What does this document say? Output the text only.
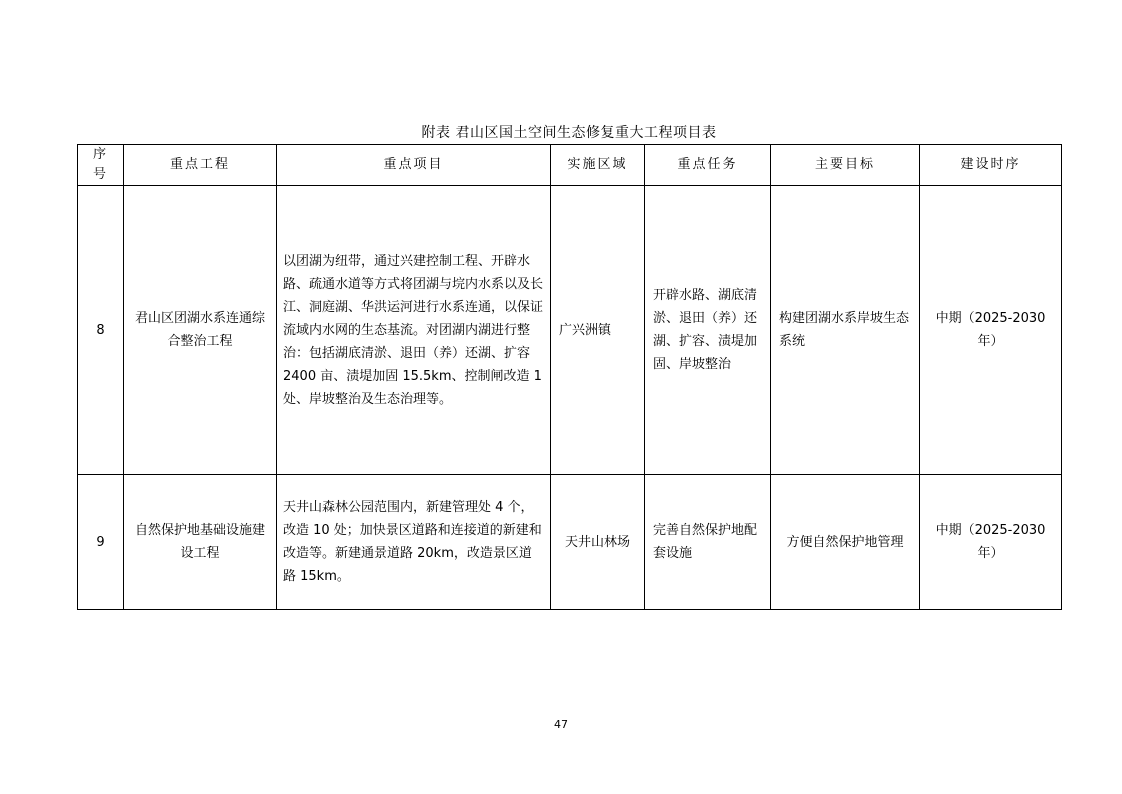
附表 君山区国土空间生态修复重大工程项目表
序号	重点工程	重点项目	实施区域	重点任务	主要目标	建设时序
8	君山区团湖水系连通综合整治工程	以团湖为纽带，通过兴建控制工程、开辟水路、疏通水道等方式将团湖与垸内水系以及长江、洞庭湖、华洪运河进行水系连通，以保证流域内水网的生态基流。对团湖内湖进行整治：包括湖底清淤、退田（养）还湖、扩容 2400 亩、渍堤加固 15.5km、控制闸改造 1 处、岸坡整治及生态治理等。	广兴洲镇	开辟水路、湖底清淤、退田（养）还湖、扩容、渍堤加固、岸坡整治	构建团湖水系岸坡生态系统	中期（2025-2030 年）
9	自然保护地基础设施建设工程	天井山森林公园范围内，新建管理处 4 个，改造 10 处；加快景区道路和连接道的新建和改造等。新建通景道路 20km，改造景区道路 15km。	天井山林场	完善自然保护地配套设施	方便自然保护地管理	中期（2025-2030 年）
47
